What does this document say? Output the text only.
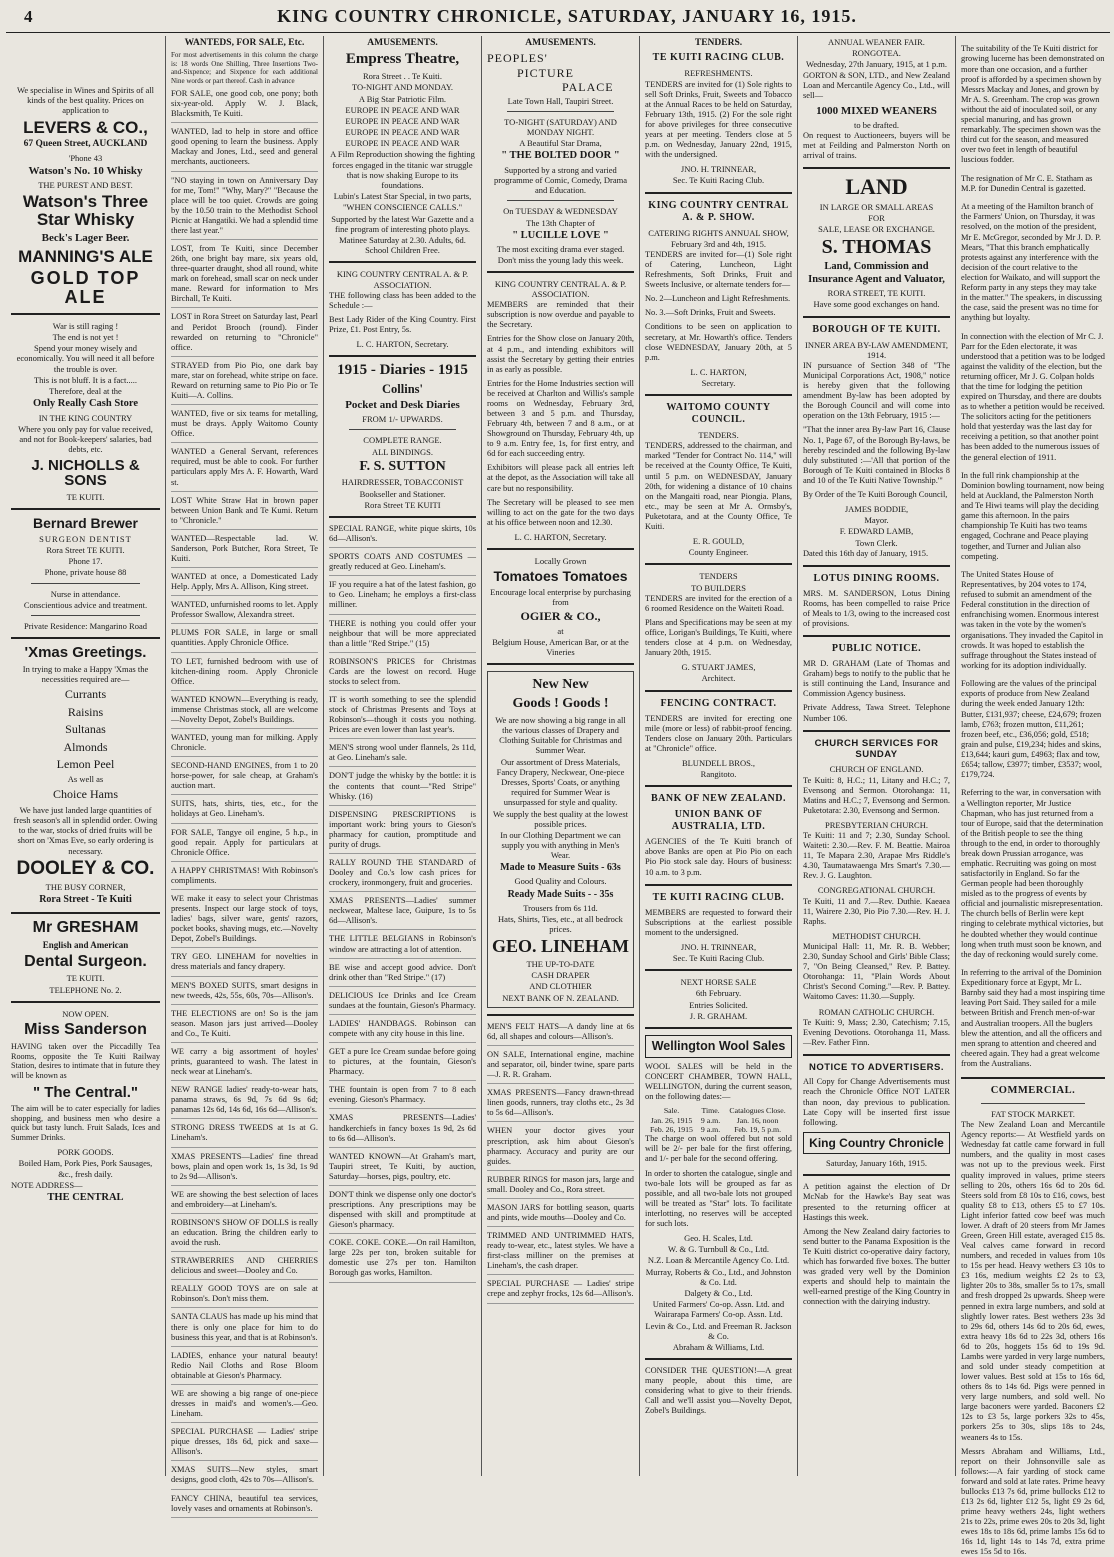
4	KING COUNTRY CHRONICLE, SATURDAY, JANUARY 16, 1915.
We specialise in Wines and Spirits of all kinds of the best quality. Prices on application to
LEVERS & CO.,
67 Queen Street, AUCKLAND
'Phone 43
Watson's No. 10 Whisky
THE PUREST AND BEST.
Watson's Three Star Whisky
Beck's Lager Beer.
MANNING'S ALE
GOLD TOP ALE
War is still raging !
The end is not yet !
Spend your money wisely and economically. You will need it all before the trouble is over.
This is not bluff. It is a fact.....
Therefore, deal at the
Only Really Cash Store
IN THE KING COUNTRY
Where you only pay for value received, and not for Book-keepers' salaries, bad debts, etc.
J. NICHOLLS & SONS
TE KUITI.
Bernard Brewer
SURGEON DENTIST
Rora Street TE KUITI.
Phone 17.
Phone, private house 88
Nurse in attendance.
Conscientious advice and treatment.
Private Residence: Mangarino Road
'Xmas Greetings.
In trying to make a Happy 'Xmas the necessities required are—
Currants
Raisins
Sultanas
Almonds
Lemon Peel
As well as
Choice Hams
We have just landed large quantities of fresh season's all in splendid order. Owing to the war, stocks of dried fruits will be short on 'Xmas Eve, so early ordering is necessary.
DOOLEY & CO.
THE BUSY CORNER,
Rora Street - Te Kuiti
Mr GRESHAM
English and American
Dental Surgeon.
TE KUITI.
TELEPHONE No. 2.
NOW OPEN.
Miss Sanderson
HAVING taken over the Piccadilly Tea Rooms, opposite the Te Kuiti Railway Station, desires to intimate that in future they will be known as
" The Central."
The aim will be to cater especially for ladies shopping, and business men who desire a quick but tasty lunch. Fruit Salads, Ices and Summer Drinks.
PORK GOODS.
Boiled Ham, Pork Pies, Pork Sausages, &c., fresh daily.
NOTE ADDRESS—
THE CENTRAL
WANTEDS, FOR SALE, Etc.
For most advertisements in this column the charge is: 18 words One Shilling, Three Insertions Two-and-Sixpence; and Sixpence for each additional Nine words or part thereof. Cash in advance

FOR SALE, one good cob, one pony; both six-year-old. Apply W. J. Black, Blacksmith, Te Kuiti.

WANTED, lad to help in store and office good opening to learn the business. Apply Mackay and Jones, Ltd., seed and general merchants, auctioneers.

"NO staying in town on Anniversary Day for me, Tom!" "Why, Mary?" "Because the place will be too quiet. Crowds are going by the 10.50 train to the Methodist School Picnic at Hangatiki. We had a splendid time there last year."

LOST, from Te Kuiti, since December 26th, one bright bay mare, six years old, three-quarter draught, shod all round, white mark on forehead, small scar on neck under mane. Reward for information to Mrs Birchall, Te Kuiti.

LOST in Rora Street on Saturday last, Pearl and Peridot Brooch (round). Finder rewarded on returning to "Chronicle" office.

STRAYED from Pio Pio, one dark bay mare, star on forehead, white stripe on face. Reward on returning same to Pio Pio or Te Kuiti—A. Collins.

WANTED, five or six teams for metalling, must be drays. Apply Waitomo County Office.

WANTED a General Servant, references required, must be able to cook. For further particulars apply Mrs A. F. Howarth, Ward st.

LOST White Straw Hat in brown paper between Union Bank and Te Kumi. Return to "Chronicle."

WANTED—Respectable lad. W. Sanderson, Pork Butcher, Rora Street, Te Kuiti.

WANTED at once, a Domesticated Lady Help. Apply, Mrs A. Allison, King street.

WANTED, unfurnished rooms to let. Apply Professor Swallow, Alexandra street.

PLUMS FOR SALE, in large or small quantities. Apply Chronicle Office.

TO LET, furnished bedroom with use of kitchen-dining room. Apply Chronicle Office.

WANTED KNOWN—Everything is ready, immense Christmas stock, all are welcome—Novelty Depot, Zobel's Buildings.

WANTED, young man for milking. Apply Chronicle.

SECOND-HAND ENGINES, from 1 to 20 horse-power, for sale cheap, at Graham's auction mart.

SUITS, hats, shirts, ties, etc., for the holidays at Geo. Lineham's.

FOR SALE, Tangye oil engine, 5 h.p., in good repair. Apply for particulars at Chronicle Office.

A HAPPY CHRISTMAS! With Robinson's compliments.

WE make it easy to select your Christmas presents. Inspect our large stock of toys, ladies' bags, silver ware, gents' razors, pocket books, shaving mugs, etc.—Novelty Depot, Zobel's Buildings.

TRY GEO. LINEHAM for novelties in dress materials and fancy drapery.

MEN'S BOXED SUITS, smart designs in new tweeds, 42s, 55s, 60s, 70s—Allison's.

THE ELECTIONS are on! So is the jam season. Mason jars just arrived—Dooley and Co., Te Kuiti.

WE carry a big assortment of hoyles' prints, guaranteed to wash. The latest in neck wear at Lineham's.

NEW RANGE ladies' ready-to-wear hats, panama straws, 6s 9d, 7s 6d 9s 6d; panamas 12s 6d, 14s 6d, 16s 6d—Allison's.

STRONG DRESS TWEEDS at 1s at G. Lineham's.

XMAS PRESENTS—Ladies' fine thread bows, plain and open work 1s, 1s 3d, 1s 9d to 2s 9d—Allison's.

WE are showing the best selection of laces and embroidery—at Lineham's.

ROBINSON'S SHOW OF DOLLS is really an education. Bring the children early to avoid the rush.

STRAWBERRIES AND CHERRIES delicious and sweet—Dooley and Co.

REALLY GOOD TOYS are on sale at Robinson's. Don't miss them.

SANTA CLAUS has made up his mind that there is only one place for him to do business this year, and that is at Robinson's.

LADIES, enhance your natural beauty! Redio Nail Cloths and Rose Bloom obtainable at Gieson's Pharmacy.

WE are showing a big range of one-piece dresses in maid's and women's.—Geo. Lineham.

SPECIAL PURCHASE — Ladies' stripe pique dresses, 18s 6d, pick and saxe—Allison's.

XMAS SUITS—New styles, smart designs, good cloth, 42s to 70s—Allison's.

FANCY CHINA, beautiful tea services, lovely vases and ornaments at Robinson's.

AMUSEMENTS.
Empress Theatre,
Rora Street . . Te Kuiti.
TO-NIGHT AND MONDAY.
A Big Star Patriotic Film.
EUROPE IN PEACE AND WAR
EUROPE IN PEACE AND WAR
EUROPE IN PEACE AND WAR
EUROPE IN PEACE AND WAR
A Film Reproduction showing the fighting forces engaged in the titanic war struggle that is now shaking Europe to its foundations.
Lubin's Latest Star Special, in two parts,
"WHEN CONSCIENCE CALLS."
Supported by the latest War Gazette and a fine program of interesting photo plays.
Matinee Saturday at 2.30. Adults, 6d. School Children Free.
KING COUNTRY CENTRAL A. & P. ASSOCIATION.
THE following class has been added to the Schedule :—
Best Lady Rider of the King Country. First Prize, £1. Post Entry, 5s.
L. C. HARTON, Secretary.
1915 - Diaries - 1915
Collins'
Pocket and Desk Diaries
FROM 1/- UPWARDS.
COMPLETE RANGE.
ALL BINDINGS.
F. S. SUTTON
HAIRDRESSER, TOBACCONIST
Bookseller and Stationer.
Rora Street TE KUITI

SPECIAL RANGE, white pique skirts, 10s 6d—Allison's.

SPORTS COATS AND COSTUMES —greatly reduced at Geo. Lineham's.

IF you require a hat of the latest fashion, go to Geo. Lineham; he employs a first-class milliner.

THERE is nothing you could offer your neighbour that will be more appreciated than a little "Red Stripe." (15)

ROBINSON'S PRICES for Christmas Cards are the lowest on record. Huge stocks to select from.

IT is worth something to see the splendid stock of Christmas Presents and Toys at Robinson's—though it costs you nothing. Prices are even lower than last year's.

MEN'S strong wool under flannels, 2s 11d, at Geo. Lineham's sale.

DON'T judge the whisky by the bottle: it is the contents that count—"Red Stripe" Whisky. (16)

DISPENSING PRESCRIPTIONS is important work: bring yours to Gieson's pharmacy for caution, promptitude and purity of drugs.

RALLY ROUND THE STANDARD of Dooley and Co.'s low cash prices for crockery, ironmongery, fruit and groceries.

XMAS PRESENTS—Ladies' summer neckwear, Maltese lace, Guipure, 1s to 5s 6d—Allison's.

THE LITTLE BELGIANS in Robinson's window are attracting a lot of attention.

BE wise and accept good advice. Don't drink other than "Red Stripe." (17)

DELICIOUS Ice Drinks and Ice Cream sundaes at the fountain, Gieson's Pharmacy.

LADIES' HANDBAGS. Robinson can compete with any city house in this line.

GET a pure Ice Cream sundae before going to pictures, at the fountain, Gieson's Pharmacy.

THE fountain is open from 7 to 8 each evening. Gieson's Pharmacy.

XMAS PRESENTS—Ladies' handkerchiefs in fancy boxes 1s 9d, 2s 6d to 6s 6d—Allison's.

WANTED KNOWN—At Graham's mart, Taupiri street, Te Kuiti, by auction, Saturday—horses, pigs, poultry, etc.

DON'T think we dispense only one doctor's prescriptions. Any prescriptions may be dispensed with skill and promptitude at Gieson's pharmacy.

COKE. COKE. COKE.—On rail Hamilton, large 22s per ton, broken suitable for domestic use 27s per ton. Hamilton Borough gas works, Hamilton.

AMUSEMENTS.
PEOPLES'
PICTURE
PALACE
Late Town Hall, Taupiri Street.
TO-NIGHT (SATURDAY) AND MONDAY NIGHT.
A Beautiful Star Drama,
" THE BOLTED DOOR "
Supported by a strong and varied programme of Comic, Comedy, Drama and Education.
On TUESDAY & WEDNESDAY
The 13th Chapter of
" LUCILLE LOVE "
The most exciting drama ever staged. Don't miss the young lady this week.
KING COUNTRY CENTRAL A. & P. ASSOCIATION.
MEMBERS are reminded that their subscription is now overdue and payable to the Secretary.
Entries for the Show close on January 20th, at 4 p.m., and intending exhibitors will assist the Secretary by getting their entries in as early as possible.
Entries for the Home Industries section will be received at Charlton and Willis's sample rooms on Wednesday, February 3rd, between 3 and 5 p.m. and Thursday, February 4th, between 7 and 8 a.m., or at Showground on Thursday, February 4th, up to 9 a.m. Entry fee, 1s, for first entry, and 6d for each succeeding entry.
Exhibitors will please pack all entries left at the depot, as the Association will take all care but no responsibility.
The Secretary will be pleased to see men willing to act on the gate for the two days at his office between noon and 12.30.
L. C. HARTON, Secretary.
Locally Grown
Tomatoes Tomatoes
Encourage local enterprise by purchasing from
OGIER & CO.,
at
Belgium House, American Bar, or at the Vineries
New New
Goods ! Goods !
We are now showing a big range in all the various classes of Drapery and Clothing Suitable for Christmas and Summer Wear.
Our assortment of Dress Materials, Fancy Drapery, Neckwear, One-piece Dresses, Sports' Coats, or anything required for Summer Wear is unsurpassed for style and quality.
We supply the best quality at the lowest possible prices.
In our Clothing Department we can supply you with anything in Men's Wear.
Made to Measure Suits - 63s
Good Quality and Colours.
Ready Made Suits - - 35s
Trousers from 6s 11d.
Hats, Shirts, Ties, etc., at all bedrock prices.
GEO. LINEHAM
THE UP-TO-DATE
CASH DRAPER
AND CLOTHIER
NEXT BANK OF N. ZEALAND.

MEN'S FELT HATS—A dandy line at 6s 6d, all shapes and colours—Allison's.

ON SALE, International engine, machine and separator, oil, binder twine, spare parts—J. R. R. Graham.

XMAS PRESENTS—Fancy drawn-thread linen goods, runners, tray cloths etc., 2s 3d to 5s 6d—Allison's.

WHEN your doctor gives your prescription, ask him about Gieson's pharmacy. Accuracy and purity are our guides.

RUBBER RINGS for mason jars, large and small. Dooley and Co., Rora street.

MASON JARS for bottling season, quarts and pints, wide mouths—Dooley and Co.

TRIMMED AND UNTRIMMED HATS, ready to-wear, etc., latest styles. We have a first-class milliner on the premises at Lineham's, the cash draper.

SPECIAL PURCHASE — Ladies' stripe crepe and zephyr frocks, 12s 6d—Allison's.

TENDERS.
TE KUITI RACING CLUB.
REFRESHMENTS.
TENDERS are invited for (1) Sole rights to sell Soft Drinks, Fruit, Sweets and Tobacco at the Annual Races to be held on Saturday, February 13th, 1915. (2) For the sole right for above privileges for three consecutive years at per meeting. Tenders close at 5 p.m. on Wednesday, January 22nd, 1915, with the undersigned.
JNO. H. TRINNEAR,
Sec. Te Kuiti Racing Club.
KING COUNTRY CENTRAL A. & P. SHOW.
CATERING RIGHTS ANNUAL SHOW,
February 3rd and 4th, 1915.
TENDERS are invited for—(1) Sole right of Catering, Luncheon, Light Refreshments, Soft Drinks, Fruit and Sweets Inclusive, or alternate tenders for—
No. 2—Luncheon and Light Refreshments.
No. 3.—Soft Drinks, Fruit and Sweets.
Conditions to be seen on application to secretary, at Mr. Howarth's office. Tenders close WEDNESDAY, January 20th, at 5 p.m.
L. C. HARTON,
Secretary.
WAITOMO COUNTY COUNCIL.
TENDERS.
TENDERS, addressed to the chairman, and marked "Tender for Contract No. 114," will be received at the County Office, Te Kuiti, until 5 p.m. on WEDNESDAY, January 20th, for widening a distance of 10 chains on the Mangaiti road, near Piongia. Plans, etc., may be seen at Mr A. Ormsby's, Puketotara, and at the County Office, Te Kuiti.
E. R. GOULD,
County Engineer.
TENDERS
TO BUILDERS
TENDERS are invited for the erection of a 6 roomed Residence on the Waiteti Road.
Plans and Specifications may be seen at my office, Lorigan's Buildings, Te Kuiti, where tenders close at 4 p.m. on Wednesday, January 20th, 1915.
G. STUART JAMES,
Architect.
FENCING CONTRACT.
TENDERS are invited for erecting one mile (more or less) of rabbit-proof fencing. Tenders close on January 20th. Particulars at "Chronicle" office.
BLUNDELL BROS.,
Rangitoto.
BANK OF NEW ZEALAND.
UNION BANK OF AUSTRALIA, LTD.
AGENCIES of the Te Kuiti branch of above Banks are open at Pio Pio on each Pio Pio stock sale day. Hours of business: 10 a.m. to 3 p.m.
TE KUITI RACING CLUB.
MEMBERS are requested to forward their Subscriptions at the earliest possible moment to the undersigned.
JNO. H. TRINNEAR,
Sec. Te Kuiti Racing Club.
NEXT HORSE SALE
6th February.
Entries Solicited.
J. R. GRAHAM.
Wellington Wool Sales
WOOL SALES will be held in the CONCERT CHAMBER, TOWN HALL, WELLINGTON, during the current season, on the following dates:—
Sale.	Time.	Catalogues Close.
Jan. 26, 1915	9 a.m.	Jan. 16, noon
Feb. 26, 1915	9 a.m.	Feb. 19, 5 p.m.
The charge on wool offered but not sold will be 2/- per bale for the first offering, and 1/- per bale for the second offering.
In order to shorten the catalogue, single and two-bale lots will be grouped as far as possible, and all two-bale lots not grouped will be treated as "Star" lots. To facilitate interlotting, no reserves will be accepted for such lots.
Geo. H. Scales, Ltd.
W. & G. Turnbull & Co., Ltd.
N.Z. Loan & Mercantile Agency Co. Ltd.
Murray, Roberts & Co., Ltd., and Johnston & Co. Ltd.
Dalgety & Co., Ltd.
United Farmers' Co-op. Assn. Ltd. and Wairarapa Farmers' Co-op. Assn. Ltd.
Levin & Co., Ltd. and Freeman R. Jackson & Co.
Abraham & Williams, Ltd.
CONSIDER THE QUESTION!—A great many people, about this time, are considering what to give to their friends. Call and we'll assist you—Novelty Depot, Zobel's Buildings.
ANNUAL WEANER FAIR.
RONGOTEA.
Wednesday, 27th January, 1915, at 1 p.m.
GORTON & SON, LTD., and New Zealand Loan and Mercantile Agency Co., Ltd., will sell—
1000 MIXED WEANERS
to be drafted.
On request to Auctioneers, buyers will be met at Feilding and Palmerston North on arrival of trains.
LAND
IN LARGE OR SMALL AREAS
FOR
SALE, LEASE OR EXCHANGE.
S. THOMAS
Land, Commission and Insurance Agent and Valuator,
RORA STREET, TE KUITI.
Have some good exchanges on hand.
BOROUGH OF TE KUITI.
INNER AREA BY-LAW AMENDMENT, 1914.
IN pursuance of Section 348 of "The Municipal Corporations Act, 1908," notice is hereby given that the following amendment By-law has been adopted by the Borough Council and will come into operation on the 13th February, 1915 :—
"That the inner area By-law Part 16, Clause No. 1, Page 67, of the Borough By-laws, be hereby rescinded and the following By-law duly substituted :—'All that portion of the Borough of Te Kuiti contained in Blocks 8 and 10 of the Te Kuiti Native Township.'"
By Order of the Te Kuiti Borough Council,
JAMES BODDIE,
Mayor.
F. EDWARD LAMB,
Town Clerk.
Dated this 16th day of January, 1915.
LOTUS DINING ROOMS.
MRS. M. SANDERSON, Lotus Dining Rooms, has been compelled to raise Price of Meals to 1/3, owing to the increased cost of provisions.
PUBLIC NOTICE.
MR D. GRAHAM (Late of Thomas and Graham) begs to notify to the public that he is still continuing the Land, Insurance and Commission Agency business.
Private Address, Tawa Street. Telephone Number 106.
CHURCH SERVICES FOR SUNDAY
CHURCH OF ENGLAND.
Te Kuiti: 8, H.C.; 11, Litany and H.C.; 7, Evensong and Sermon. Otorohanga: 11, Matins and H.C.; 7, Evensong and Sermon. Puketotara: 2.30, Evensong and Sermon.
PRESBYTERIAN CHURCH.
Te Kuiti: 11 and 7; 2.30, Sunday School. Waiteti: 2.30.—Rev. F. M. Beattie. Mairoa 11, Te Mapara 2.30, Arapae Mrs Riddle's 4.30, Taumatawaenga Mrs Smart's 7.30.—Rev. J. G. Laughton.
CONGREGATIONAL CHURCH.
Te Kuiti, 11 and 7.—Rev. Duthie. Kaeaea 11, Wairere 2.30, Pio Pio 7.30.—Rev. H. J. Raphs.
METHODIST CHURCH.
Municipal Hall: 11, Mr. R. B. Webber; 2.30, Sunday School and Girls' Bible Class; 7, "On Being Cleansed," Rev. P. Battey. Otorohanga: 11, "Plain Words About Christ's Second Coming."—Rev. P. Battey. Waitomo Caves: 11.30.—Supply.
ROMAN CATHOLIC CHURCH.
Te Kuiti: 9, Mass; 2.30, Catechism; 7.15, Evening Devotions. Otorohanga 11, Mass.—Rev. Father Finn.
NOTICE TO ADVERTISERS.
All Copy for Change Advertisements must reach the Chronicle Office NOT LATER than noon, day previous to publication. Late Copy will be inserted first issue following.
King Country Chronicle
Saturday, January 16th, 1915.
A petition against the election of Dr McNab for the Hawke's Bay seat was presented to the returning officer at Hastings this week.
Among the New Zealand dairy factories to send butter to the Panama Exposition is the Te Kuiti district co-operative dairy factory, which has forwarded five boxes. The butter was graded very well by the Dominion experts and should help to maintain the well-earned prestige of the King Country in connection with the dairying industry.

The suitability of the Te Kuiti district for growing lucerne has been demonstrated on more than one occasion, and a further proof is afforded by a specimen shown by Messrs Mackay and Jones, and grown by Mr A. S. Greenham. The crop was grown without the aid of inoculated soil, or any special manuring, and has grown remarkably. The specimen shown was the third cut for the season, and measured over two feet in length of beautiful luscious fodder.

The resignation of Mr C. E. Statham as M.P. for Dunedin Central is gazetted.

At a meeting of the Hamilton branch of the Farmers' Union, on Thursday, it was resolved, on the motion of the president, Mr E. McGregor, seconded by Mr J. D. P. Mears, "That this branch emphatically protests against any interference with the decision of the court relative to the election for Waikato, and will support the Reform party in any steps they may take in the matter." The speakers, in discussing the case, said the present was no time for anything but loyalty.

In connection with the election of Mr C. J. Parr for the Eden electorate, it was understood that a petition was to be lodged against the validity of the election, but the returning officer, Mr J. G. Colpan holds that the time for lodging the petition expired on Thursday, and there are doubts as to whether a petition would be received. The solicitors acting for the petitioners hold that yesterday was the last day for receiving a petition, so that another point has been added to the numerous issues of the general election of 1911.

In the full rink championship at the Dominion bowling tournament, now being held at Auckland, the Palmerston North and Te Hiwi teams will play the deciding game this afternoon. In the pairs championship Te Kuiti has two teams engaged, Cochrane and Peace playing together, and Turner and Julian also competing.

The United States House of Representatives, by 204 votes to 174, refused to submit an amendment of the Federal constitution in the direction of enfranchising women. Enormous interest was taken in the vote by the women's organisations. They invaded the Capitol in crowds. It was hoped to establish the suffrage throughout the States instead of working for its adoption individually.

Following are the values of the principal exports of produce from New Zealand during the week ended January 12th: Butter, £131,937; cheese, £24,679; frozen lamb, £763; frozen mutton, £11,261; frozen beef, etc., £36,056; gold, £518; grain and pulse, £19,234; hides and skins, £13,644; kauri gum, £4963; flax and tow, £654; tallow, £3977; timber, £3537; wool, £179,724.

Referring to the war, in conversation with a Wellington reporter, Mr Justice Chapman, who has just returned from a tour of Europe, said that the determination of the British people to see the thing through to the end, in order to thoroughly break down Prussian arrogance, was emphatic. Recruiting was going on most satisfactorily in England. So far the German people had been thoroughly misled as to the progress of events by official and journalistic misrepresentation. The church bells of Berlin were kept ringing to celebrate mythical victories, but he doubted whether they would continue long when truth must soon be known, and the day of reckoning would surely come.

In referring to the arrival of the Dominion Expeditionary force at Egypt, Mr L. Barnby said they had a most inspiring time leaving Port Said. They sailed for a mile between British and French men-of-war and Australian troopers. All the buglers blew the attention, and all the officers and men sprang to attention and cheered and cheered again. They had a great welcome from the Australians.

COMMERCIAL.
FAT STOCK MARKET.
The New Zealand Loan and Mercantile Agency reports:— At Westfield yards on Wednesday fat cattle came forward in full numbers, and the quality in most cases was not up to the previous week. First quality improved in values, prime steers selling to 20s, others 16s 6d to 20s 6d. Steers sold from £8 10s to £16, cows, best quality £8 to £13, others £5 to £7 10s. Light inferior fatted cow beef was much lower. A draft of 20 steers from Mr James Green, Green Hill estate, averaged £15 8s. Veal calves came forward in record numbers, and receded in values from 10s to 15s per head. Heavy wethers £3 10s to £3 16s, medium weights £2 2s to £3, lighter 20s to 38s, smaller 5s to 17s, small and fresh dropped 2s upwards. Sheep were penned in extra large numbers, and sold at slightly lower rates. Best wethers 23s 3d to 29s 6d, others 14s 6d to 20s 6d, ewes, extra heavy 18s 6d to 22s 3d, others 16s 6d to 20s, hoggets 15s 6d to 19s 9d. Lambs were yarded in very large numbers, and sold under steady competition at lower values. Best sold at 15s to 16s 6d, others 8s to 14s 6d. Pigs were penned in very large numbers, and sold well. No large baconers were yarded. Baconers £2 12s to £3 5s, large porkers 32s to 45s, porkers 25s to 30s, slips 18s to 24s, weaners 4s to 15s.
Messrs Abraham and Williams, Ltd., report on their Johnsonville sale as follows:—A fair yarding of stock came forward and sold at late rates. Prime heavy bullocks £13 7s 6d, prime bullocks £12 to £13 2s 6d, lighter £12 5s, light £9 2s 6d, prime heavy wethers 24s, light wethers 21s to 22s, prime ewes 20s to 20s 3d, light ewes 18s to 18s 6d, prime lambs 15s 6d to 16s 1d, light 14s to 14s 7d, extra prime ewes 15s 5d to 16s.
